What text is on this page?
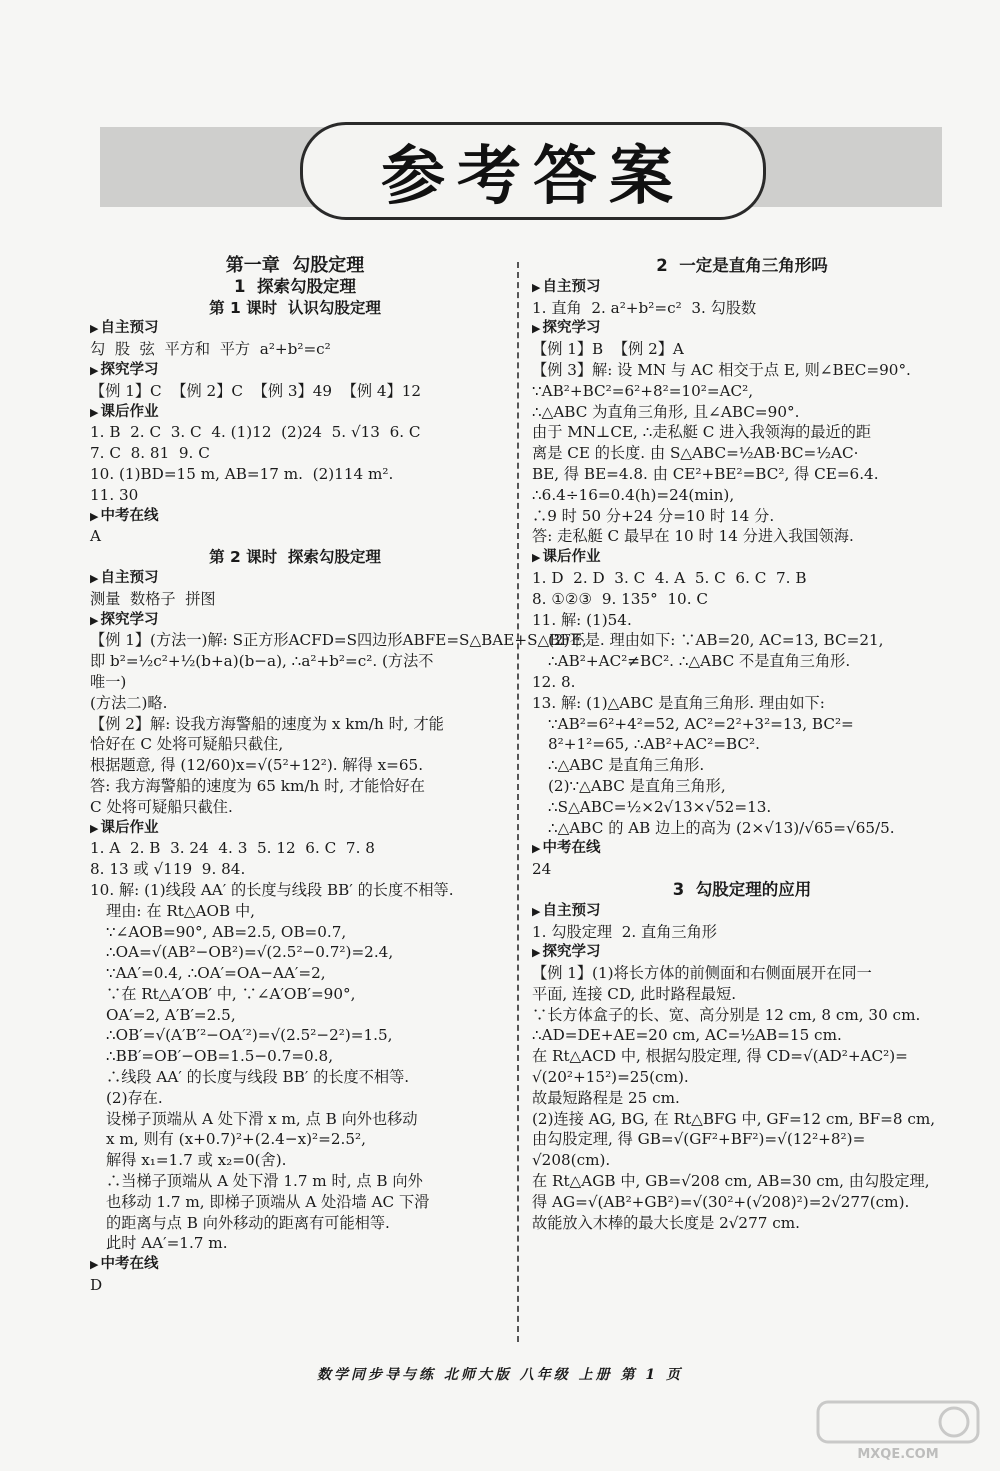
参考答案
第一章  勾股定理
1  探索勾股定理
第 1 课时  认识勾股定理
▶ 自主预习
勾  股  弦  平方和  平方  a²+b²=c²
▶ 探究学习
【例 1】C  【例 2】C  【例 3】49  【例 4】12
▶ 课后作业
1. B  2. C  3. C  4. (1)12  (2)24  5. √13  6. C
7. C  8. 81  9. C
10. (1)BD=15 m, AB=17 m.  (2)114 m².
11. 30
▶ 中考在线
A
第 2 课时  探索勾股定理
▶ 自主预习
测量  数格子  拼图
▶ 探究学习
【例 1】(方法一)解: S正方形ACFD=S四边形ABFE=S△BAE+S△BFE,
即 b²=½c²+½(b+a)(b−a), ∴a²+b²=c². (方法不
唯一)
(方法二)略.
【例 2】解: 设我方海警船的速度为 x km/h 时, 才能
恰好在 C 处将可疑船只截住,
根据题意, 得 (12/60)x=√(5²+12²). 解得 x=65.
答: 我方海警船的速度为 65 km/h 时, 才能恰好在
C 处将可疑船只截住.
▶ 课后作业
1. A  2. B  3. 24  4. 3  5. 12  6. C  7. 8
8. 13 或 √119  9. 84.
10. 解: (1)线段 AA′ 的长度与线段 BB′ 的长度不相等.
理由: 在 Rt△AOB 中,
∵∠AOB=90°, AB=2.5, OB=0.7,
∴OA=√(AB²−OB²)=√(2.5²−0.7²)=2.4,
∵AA′=0.4, ∴OA′=OA−AA′=2,
∵在 Rt△A′OB′ 中, ∵∠A′OB′=90°,
OA′=2, A′B′=2.5,
∴OB′=√(A′B′²−OA′²)=√(2.5²−2²)=1.5,
∴BB′=OB′−OB=1.5−0.7=0.8,
∴线段 AA′ 的长度与线段 BB′ 的长度不相等.
(2)存在.
设梯子顶端从 A 处下滑 x m, 点 B 向外也移动
x m, 则有 (x+0.7)²+(2.4−x)²=2.5²,
解得 x₁=1.7 或 x₂=0(舍).
∴当梯子顶端从 A 处下滑 1.7 m 时, 点 B 向外
也移动 1.7 m, 即梯子顶端从 A 处沿墙 AC 下滑
的距离与点 B 向外移动的距离有可能相等.
此时 AA′=1.7 m.
▶ 中考在线
D
2  一定是直角三角形吗
▶ 自主预习
1. 直角  2. a²+b²=c²  3. 勾股数
▶ 探究学习
【例 1】B  【例 2】A
【例 3】解: 设 MN 与 AC 相交于点 E, 则∠BEC=90°.
∵AB²+BC²=6²+8²=10²=AC²,
∴△ABC 为直角三角形, 且∠ABC=90°.
由于 MN⊥CE, ∴走私艇 C 进入我领海的最近的距
离是 CE 的长度. 由 S△ABC=½AB·BC=½AC·
BE, 得 BE=4.8. 由 CE²+BE²=BC², 得 CE=6.4.
∴6.4÷16=0.4(h)=24(min),
∴9 时 50 分+24 分=10 时 14 分.
答: 走私艇 C 最早在 10 时 14 分进入我国领海.
▶ 课后作业
1. D  2. D  3. C  4. A  5. C  6. C  7. B
8. ①②③  9. 135°  10. C
11. 解: (1)54.
(2)不是. 理由如下: ∵AB=20, AC=13, BC=21,
∴AB²+AC²≠BC². ∴△ABC 不是直角三角形.
12. 8.
13. 解: (1)△ABC 是直角三角形. 理由如下:
∵AB²=6²+4²=52, AC²=2²+3²=13, BC²=
8²+1²=65, ∴AB²+AC²=BC².
∴△ABC 是直角三角形.
(2)∵△ABC 是直角三角形,
∴S△ABC=½×2√13×√52=13.
∴△ABC 的 AB 边上的高为 (2×√13)/√65=√65/5.
▶ 中考在线
24
3  勾股定理的应用
▶ 自主预习
1. 勾股定理  2. 直角三角形
▶ 探究学习
【例 1】(1)将长方体的前侧面和右侧面展开在同一
平面, 连接 CD, 此时路程最短.
∵长方体盒子的长、宽、高分别是 12 cm, 8 cm, 30 cm.
∴AD=DE+AE=20 cm, AC=½AB=15 cm.
在 Rt△ACD 中, 根据勾股定理, 得 CD=√(AD²+AC²)=
√(20²+15²)=25(cm).
故最短路程是 25 cm.
(2)连接 AG, BG, 在 Rt△BFG 中, GF=12 cm, BF=8 cm,
由勾股定理, 得 GB=√(GF²+BF²)=√(12²+8²)=
√208(cm).
在 Rt△AGB 中, GB=√208 cm, AB=30 cm, 由勾股定理,
得 AG=√(AB²+GB²)=√(30²+(√208)²)=2√277(cm).
故能放入木棒的最大长度是 2√277 cm.
数学同步导与练 北师大版 八年级 上册 第 1 页
MXQE.COM
